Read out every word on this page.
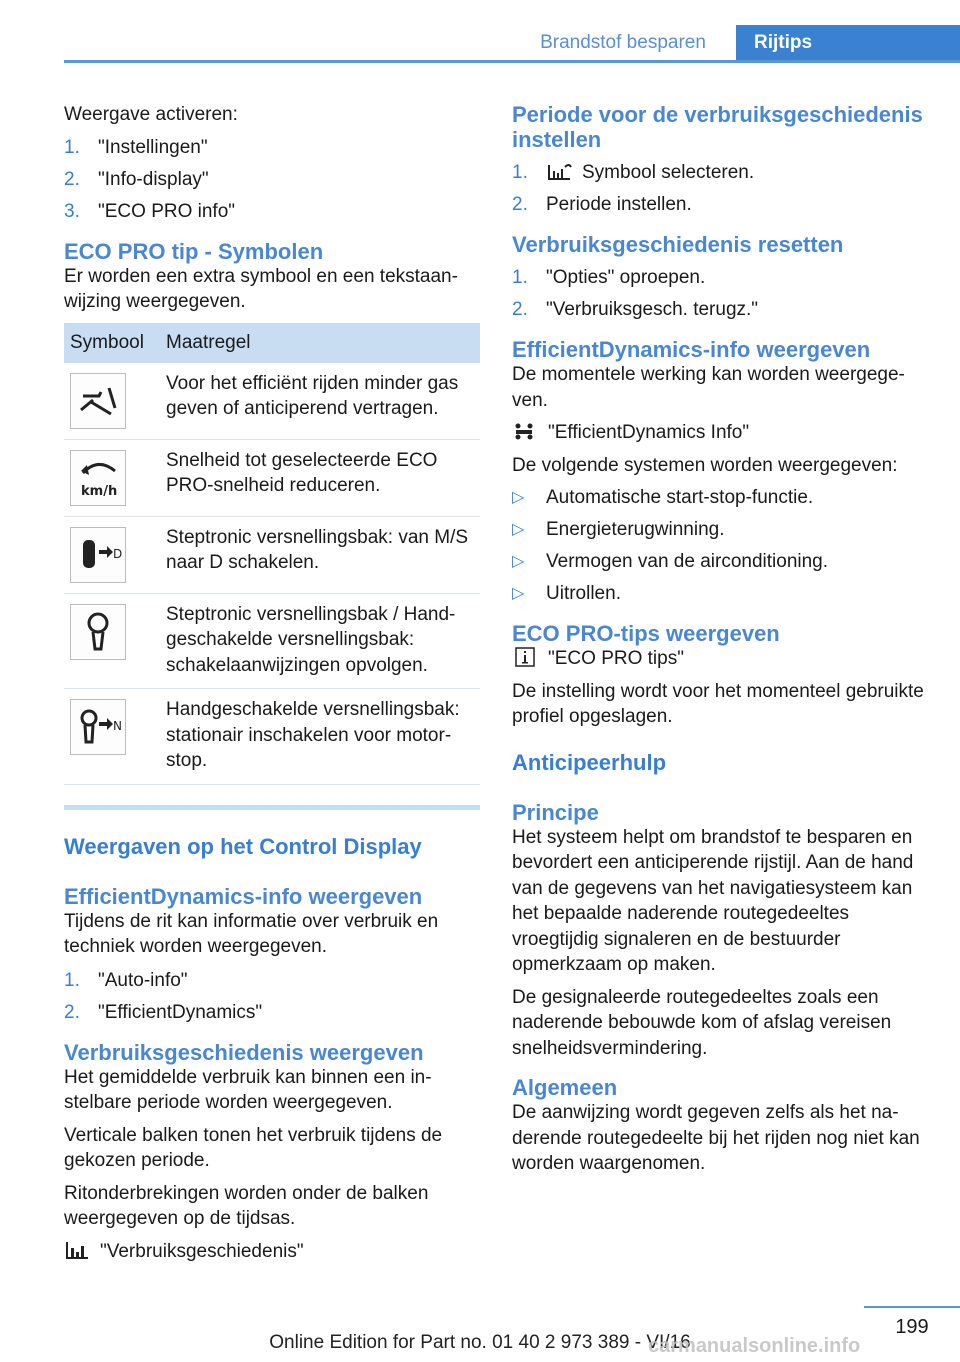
Brandstof besparen	Rijtips

Weergave activeren:

1. "Instellingen"
2. "Info-display"
3. "ECO PRO info"
ECO PRO tip - Symbolen

Er worden een extra symbool en een tekstaanwijzing weergegeven.

Symbool	Maatregel

	Voor het efficiënt rijden minder gas geven of anticiperend vertragen.

km/h	Snelheid tot geselecteerde ECO PRO-snelheid reduceren.

D	Steptronic versnellingsbak: van M/S naar D schakelen.

	Steptronic versnellingsbak / Handgeschakelde versnellingsbak: schakelaanwijzingen opvolgen.

N	Handgeschakelde versnellingsbak: stationair inschakelen voor motorstop.
Weergaven op het Control Display
EfficientDynamics-info weergeven

Tijdens de rit kan informatie over verbruik en techniek worden weergegeven.

1. "Auto-info"
2. "EfficientDynamics"
Verbruiksgeschiedenis weergeven

Het gemiddelde verbruik kan binnen een instelbare periode worden weergegeven.

Verticale balken tonen het verbruik tijdens de gekozen periode.

Ritonderbrekingen worden onder de balken weergegeven op de tijdsas.

"Verbruiksgeschiedenis"

Periode voor de verbruiksgeschiedenis instellen
1.	Symbool selecteren.
2. Periode instellen.
Verbruiksgeschiedenis resetten
1. "Opties" oproepen.
2. "Verbruiksgesch. terugz."
EfficientDynamics-info weergeven

De momentele werking kan worden weergegeven.

"EfficientDynamics Info"

De volgende systemen worden weergegeven:

▷ Automatische start-stop-functie.
▷ Energieterugwinning.
▷ Vermogen van de airconditioning.
▷ Uitrollen.
ECO PRO-tips weergeven

"ECO PRO tips"

De instelling wordt voor het momenteel gebruikte profiel opgeslagen.

Anticipeerhulp
Principe

Het systeem helpt om brandstof te besparen en bevordert een anticiperende rijstijl. Aan de hand van de gegevens van het navigatiesysteem kan het bepaalde naderende routegedeeltes vroegtijdig signaleren en de bestuurder opmerkzaam op maken.

De gesignaleerde routegedeeltes zoals een naderende bebouwde kom of afslag vereisen snelheidsvermindering.

Algemeen

De aanwijzing wordt gegeven zelfs als het naderende routegedeelte bij het rijden nog niet kan worden waargenomen.

199
Online Edition for Part no. 01 40 2 973 389 - VI/16
carmanualsonline.info
